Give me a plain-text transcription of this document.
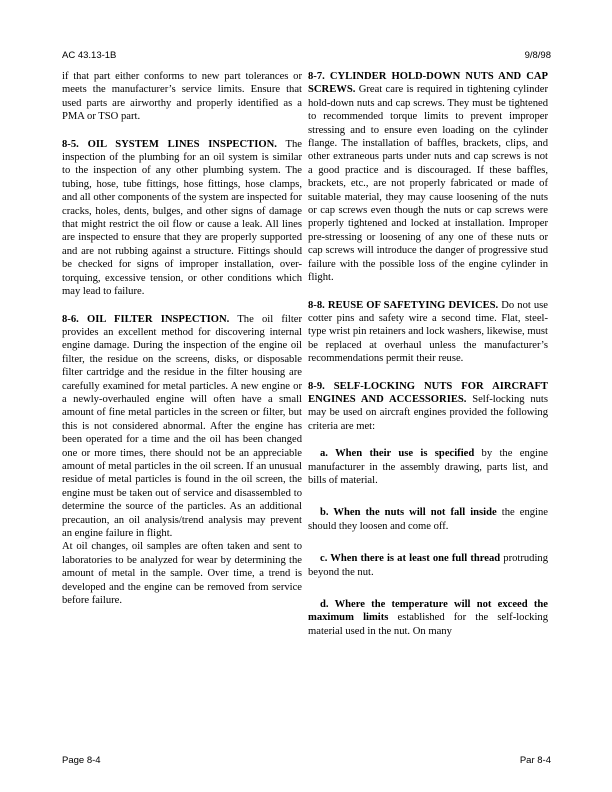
AC 43.13-1B	9/8/98

if that part either conforms to new part tolerances or meets the manufacturer’s service limits. Ensure that used parts are airworthy and properly identified as a PMA or TSO part.

8-5. OIL SYSTEM LINES INSPECTION. The inspection of the plumbing for an oil system is similar to the inspection of any other plumbing system. The tubing, hose, tube fittings, hose fittings, hose clamps, and all other components of the system are inspected for cracks, holes, dents, bulges, and other signs of damage that might restrict the oil flow or cause a leak. All lines are inspected to ensure that they are properly supported and are not rubbing against a structure. Fittings should be checked for signs of improper installation, over-torquing, excessive tension, or other conditions which may lead to failure.

8-6. OIL FILTER INSPECTION. The oil filter provides an excellent method for discovering internal engine damage. During the inspection of the engine oil filter, the residue on the screens, disks, or disposable filter cartridge and the residue in the filter housing are carefully examined for metal particles. A new engine or a newly-overhauled engine will often have a small amount of fine metal particles in the screen or filter, but this is not considered abnormal. After the engine has been operated for a time and the oil has been changed one or more times, there should not be an appreciable amount of metal particles in the oil screen. If an unusual residue of metal particles is found in the oil screen, the engine must be taken out of service and disassembled to determine the source of the particles. As an additional precaution, an oil analysis/trend analysis may prevent an engine failure in flight.

At oil changes, oil samples are often taken and sent to laboratories to be analyzed for wear by determining the amount of metal in the sample. Over time, a trend is developed and the engine can be removed from service before failure.

8-7. CYLINDER HOLD-DOWN NUTS AND CAP SCREWS. Great care is required in tightening cylinder hold-down nuts and cap screws. They must be tightened to recommended torque limits to prevent improper stressing and to ensure even loading on the cylinder flange. The installation of baffles, brackets, clips, and other extraneous parts under nuts and cap screws is not a good practice and is discouraged. If these baffles, brackets, etc., are not properly fabricated or made of suitable material, they may cause loosening of the nuts or cap screws even though the nuts or cap screws were properly tightened and locked at installation. Improper pre-stressing or loosening of any one of these nuts or cap screws will introduce the danger of progressive stud failure with the possible loss of the engine cylinder in flight.

8-8. REUSE OF SAFETYING DEVICES. Do not use cotter pins and safety wire a second time. Flat, steel-type wrist pin retainers and lock washers, likewise, must be replaced at overhaul unless the manufacturer’s recommendations permit their reuse.

8-9. SELF-LOCKING NUTS FOR AIRCRAFT ENGINES AND ACCESSORIES. Self-locking nuts may be used on aircraft engines provided the following criteria are met:

a. When their use is specified by the engine manufacturer in the assembly drawing, parts list, and bills of material.

b. When the nuts will not fall inside the engine should they loosen and come off.

c. When there is at least one full thread protruding beyond the nut.

d. Where the temperature will not exceed the maximum limits established for the self-locking material used in the nut. On many

Page 8-4	Par 8-4
